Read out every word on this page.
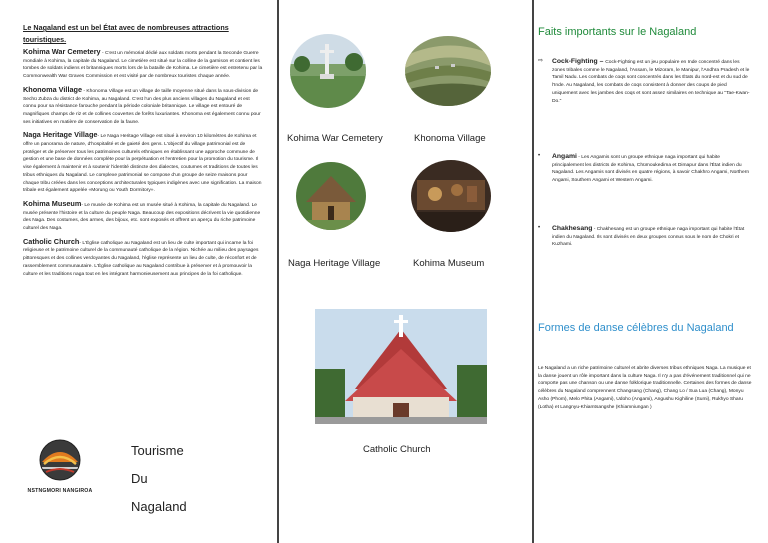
Le Nagaland est un bel État avec de nombreuses attractions touristiques.
Kohima War Cemetery - C'est un mémorial dédié aux soldats morts pendant la Seconde Guerre mondiale à Kohima, la capitale du Nagaland. Le cimetière est situé sur la colline de la garnison et contient les tombes de soldats indiens et britanniques morts lors de la bataille de Kohima. Le cimetière est entretenu par la Commonwealth War Graves Commission et est visité par de nombreux touristes chaque année.
Khonoma Village - Khonoma Village est un village de taille moyenne situé dans la sous-division de Sechü Zubza du district de Kohima, au Nagaland. C'est l'un des plus anciens villages du Nagaland et est connu pour sa résistance farouche pendant la période coloniale britannique. Le village est entouré de magnifiques champs de riz et de collines couvertes de forêts luxuriantes. Khonoma est également connu pour ses initiatives en matière de conservation de la faune.
Naga Heritage Village- Le Naga Heritage Village est situé à environ 10 kilomètres de Kohima et offre un panorama de nature, d'hospitalité et de gaieté des gens. L'objectif du village patrimonial est de protéger et de préserver tous les patrimoines culturels ethniques en établissant une approche commune de gestion et une base de données complète pour la perpétuation et l'entretien pour la promotion du tourisme. Il vise également à maintenir et à soutenir l'identité distincte des dialectes, coutumes et traditions de toutes les tribus ethniques du Nagaland. Le complexe patrimonial se compose d'un groupe de seize maisons pour chaque tribu créées dans les conceptions architecturales typiques indigènes avec une signification. La maison tribale est également appelée «Morung ou Youth Dormitory».
Kohima Museum- Le musée de Kohima est un musée situé à Kohima, la capitale du Nagaland. Le musée présente l'histoire et la culture du peuple Naga. Beaucoup des expositions décrivent la vie quotidienne des Naga. Des costumes, des armes, des bijoux, etc. sont exposés et offrent un aperçu du riche patrimoine culturel des Naga.
Catholic Church- L'Église catholique au Nagaland est un lieu de culte important qui incarne la foi religieuse et le patrimoine culturel de la communauté catholique de la région. Nichée au milieu des paysages pittoresques et des collines verdoyantes du Nagaland, l'église représente un lieu de culte, de réconfort et de rassemblement communautaire. L'Église catholique au Nagaland contribue à préserver et à promouvoir la culture et les traditions naga tout en les intégrant harmonieusement aux principes de la foi catholique.
NSTNGMORI NANGIROA
Tourisme
Du
Nagaland
Kohima War Cemetery	Khonoma Village
Naga Heritage Village	Kohima Museum
Catholic Church
Faits importants sur le Nagaland
⇨	Cock-Fighting – Cock-Fighting est un jeu populaire en Inde concentré dans les zones tribales comme le Nagaland, l'Assam, le Mizoram, le Manipur, l'Andhra Pradesh et le Tamil Nadu. Les combats de coqs sont concentrés dans les États du nord-est et du sud de l'Inde. Au Nagaland, les combats de coqs consistent à donner des coups de pied uniquement avec les jambes des coqs et sont assez similaires en technique au "Tae-Kwan-Do."
•	Angami - Les Angamis sont un groupe ethnique naga important qui habite principalement les districts de Kohima, Chümoukedima et Dimapur dans l'État indien du Nagaland. Les Angamis sont divisés en quatre régions, à savoir Chakhro Angami, Northern Angami, Southern Angami et Western Angami.
•	Chakhesang - Chakhesang est un groupe ethnique naga important qui habite l'État indien du Nagaland. Ils sont divisés en deux groupes connus sous le nom de Chokri et Kuzhami.
Formes de danse célèbres du Nagaland
Le Nagaland a un riche patrimoine culturel et abrite diverses tribus ethniques Naga. La musique et la danse jouent un rôle important dans la culture Naga. Il n'y a pas d'événement traditionnel qui ne comporte pas une chanson ou une danse folklorique traditionnelle. Certaines des formes de danse célèbres du Nagaland comprennent Changsang (Chang), Chang Lo / Sua Lua (Chang), Monyu Asho (Phom), Melo Phita (Angami), Udoho (Angami), Angushu Kighiline (Sumi), Rukhyo Sharu (Lotha) et Langnyu-Khiamtsangshe (Khiamniungan )
